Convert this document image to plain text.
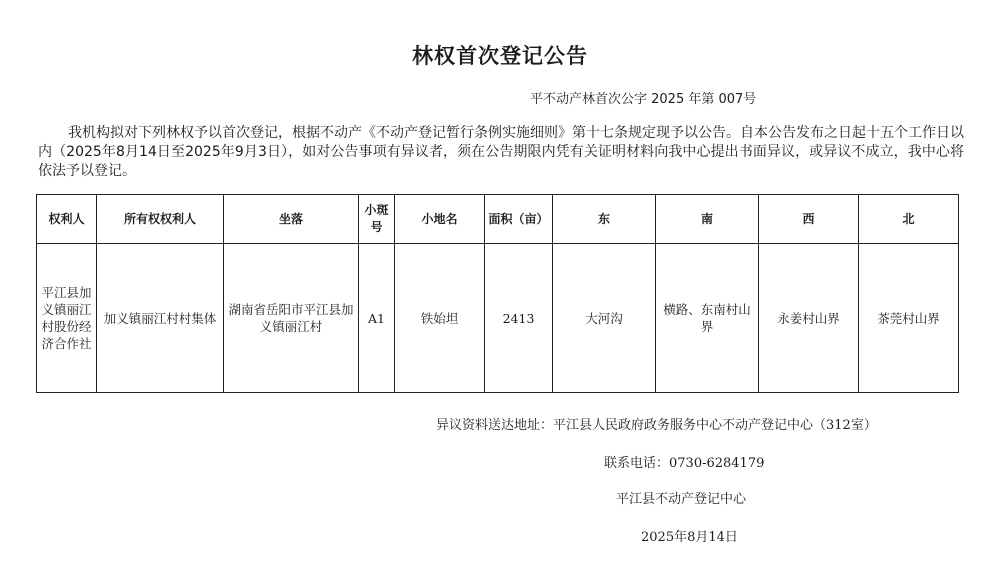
林权首次登记公告
平不动产林首次公字 2025 年第 007号
我机构拟对下列林权予以首次登记，根据不动产《不动产登记暂行条例实施细则》第十七条规定现予以公告。自本公告发布之日起十五个工作日以内（2025年8月14日至2025年9月3日），如对公告事项有异议者，须在公告期限内凭有关证明材料向我中心提出书面异议，或异议不成立，我中心将依法予以登记。
权利人	所有权权利人	坐落	小斑号	小地名	面积（亩）	东	南	西	北
平江县加义镇丽江村股份经济合作社	加义镇丽江村村集体	湖南省岳阳市平江县加义镇丽江村	A1	铁始坦	2413	大河沟	横路、东南村山界	永姜村山界	茶莞村山界
异议资料送达地址：平江县人民政府政务服务中心不动产登记中心（312室）
联系电话：0730-6284179
平江县不动产登记中心
2025年8月14日
